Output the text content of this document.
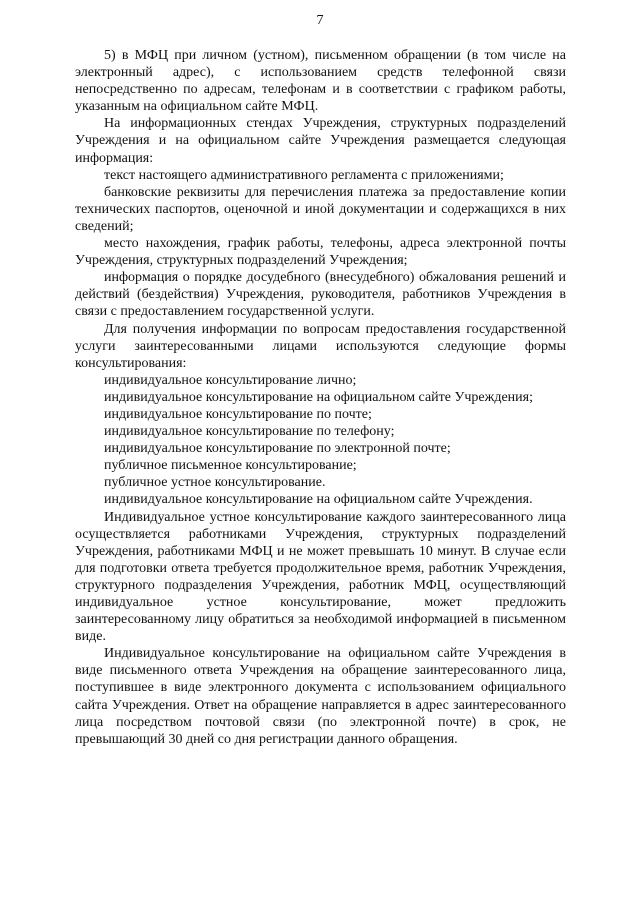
7

5) в МФЦ при личном (устном), письменном обращении (в том числе на электронный адрес), с использованием средств телефонной связи непосредственно по адресам, телефонам и в соответствии с графиком работы, указанным на официальном сайте МФЦ.

На информационных стендах Учреждения, структурных подразделений Учреждения и на официальном сайте Учреждения размещается следующая информация:

текст настоящего административного регламента с приложениями;

банковские реквизиты для перечисления платежа за предоставление копии технических паспортов, оценочной и иной документации и содержащихся в них сведений;

место нахождения, график работы, телефоны, адреса электронной почты Учреждения, структурных подразделений Учреждения;

информация о порядке досудебного (внесудебного) обжалования решений и действий (бездействия) Учреждения, руководителя, работников Учреждения в связи с предоставлением государственной услуги.

Для получения информации по вопросам предоставления государственной услуги заинтересованными лицами используются следующие формы консультирования:

индивидуальное консультирование лично;

индивидуальное консультирование на официальном сайте Учреждения;

индивидуальное консультирование по почте;

индивидуальное консультирование по телефону;

индивидуальное консультирование по электронной почте;

публичное письменное консультирование;

публичное устное консультирование.

индивидуальное консультирование на официальном сайте Учреждения.

Индивидуальное устное консультирование каждого заинтересованного лица осуществляется работниками Учреждения, структурных подразделений Учреждения, работниками МФЦ и не может превышать 10 минут. В случае если для подготовки ответа требуется продолжительное время, работник Учреждения, структурного подразделения Учреждения, работник МФЦ, осуществляющий индивидуальное устное консультирование, может предложить заинтересованному лицу обратиться за необходимой информацией в письменном виде.

Индивидуальное консультирование на официальном сайте Учреждения в виде письменного ответа Учреждения на обращение заинтересованного лица, поступившее в виде электронного документа с использованием официального сайта Учреждения. Ответ на обращение направляется в адрес заинтересованного лица посредством почтовой связи (по электронной почте) в срок, не превышающий 30 дней со дня регистрации данного обращения.
